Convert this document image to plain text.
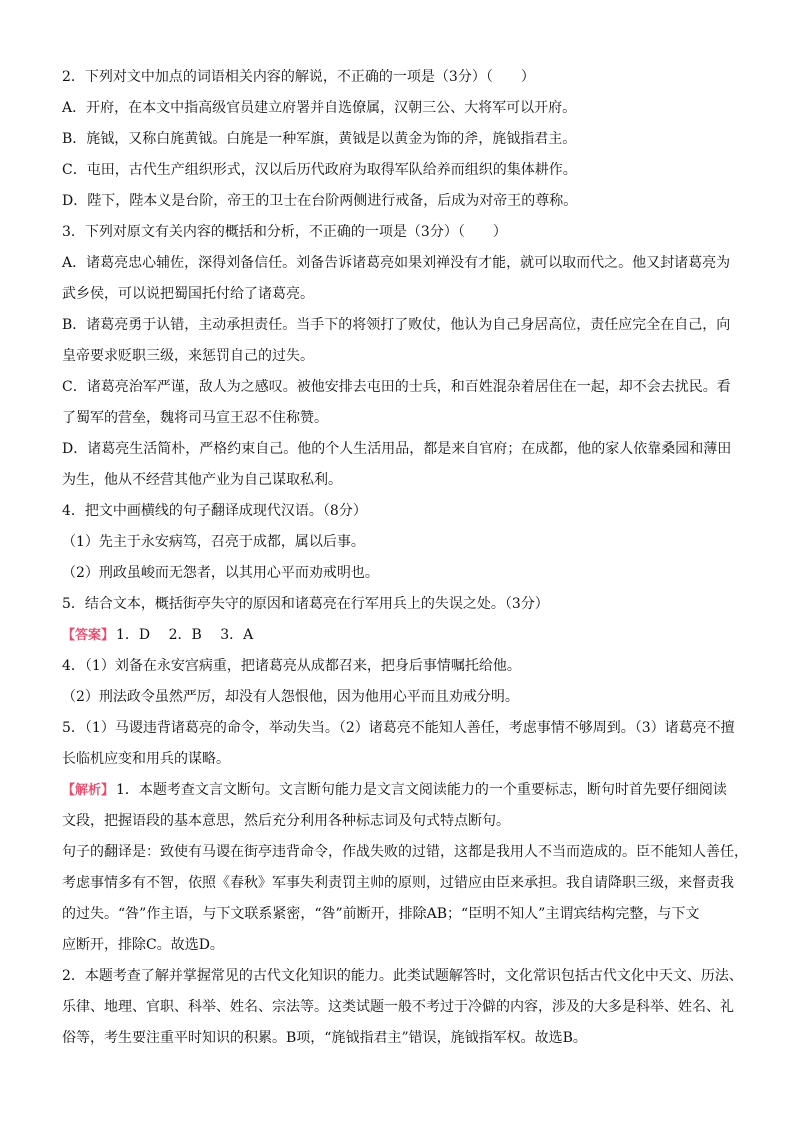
2．下列对文中加点的词语相关内容的解说，不正确的一项是（3分）（　　）
A．开府，在本文中指高级官员建立府署并自选僚属，汉朝三公、大将军可以开府。
B．旄钺，又称白旄黄钺。白旄是一种军旗，黄钺是以黄金为饰的斧，旄钺指君主。
C．屯田，古代生产组织形式，汉以后历代政府为取得军队给养而组织的集体耕作。
D．陛下，陛本义是台阶，帝王的卫士在台阶两侧进行戒备，后成为对帝王的尊称。
3．下列对原文有关内容的概括和分析，不正确的一项是（3分）（　　）
A．诸葛亮忠心辅佐，深得刘备信任。刘备告诉诸葛亮如果刘禅没有才能，就可以取而代之。他又封诸葛亮为
武乡侯，可以说把蜀国托付给了诸葛亮。
B．诸葛亮勇于认错，主动承担责任。当手下的将领打了败仗，他认为自己身居高位，责任应完全在自己，向
皇帝要求贬职三级，来惩罚自己的过失。
C．诸葛亮治军严谨，敌人为之感叹。被他安排去屯田的士兵，和百姓混杂着居住在一起，却不会去扰民。看
了蜀军的营垒，魏将司马宣王忍不住称赞。
D．诸葛亮生活简朴，严格约束自己。他的个人生活用品，都是来自官府；在成都，他的家人依靠桑园和薄田
为生，他从不经营其他产业为自己谋取私利。
4．把文中画横线的句子翻译成现代汉语。（8分）
（1）先主于永安病笃，召亮于成都，属以后事。
（2）刑政虽峻而无怨者，以其用心平而劝戒明也。
5．结合文本，概括街亭失守的原因和诸葛亮在行军用兵上的失误之处。（3分）
【答案】 1．D　 2．B　 3．A
4．（1）刘备在永安宫病重，把诸葛亮从成都召来，把身后事情嘱托给他。
（2）刑法政令虽然严厉，却没有人怨恨他，因为他用心平而且劝戒分明。
5．（1）马谡违背诸葛亮的命令，举动失当。（2）诸葛亮不能知人善任，考虑事情不够周到。（3）诸葛亮不擅
长临机应变和用兵的谋略。
【解析】 1．本题考查文言文断句。文言断句能力是文言文阅读能力的一个重要标志，断句时首先要仔细阅读
文段，把握语段的基本意思，然后充分利用各种标志词及句式特点断句。
句子的翻译是：致使有马谡在街亭违背命令，作战失败的过错，这都是我用人不当而造成的。臣不能知人善任，
考虑事情多有不智，依照《春秋》军事失利责罚主帅的原则，过错应由臣来承担。我自请降职三级，来督责我
的过失。“咎”作主语，与下文联系紧密，“咎”前断开，排除AB；“臣明不知人”主谓宾结构完整，与下文
应断开，排除C。故选D。
2．本题考查了解并掌握常见的古代文化知识的能力。此类试题解答时，文化常识包括古代文化中天文、历法、
乐律、地理、官职、科举、姓名、宗法等。这类试题一般不考过于冷僻的内容，涉及的大多是科举、姓名、礼
俗等，考生要注重平时知识的积累。B项，“旄钺指君主”错误，旄钺指军权。故选B。
